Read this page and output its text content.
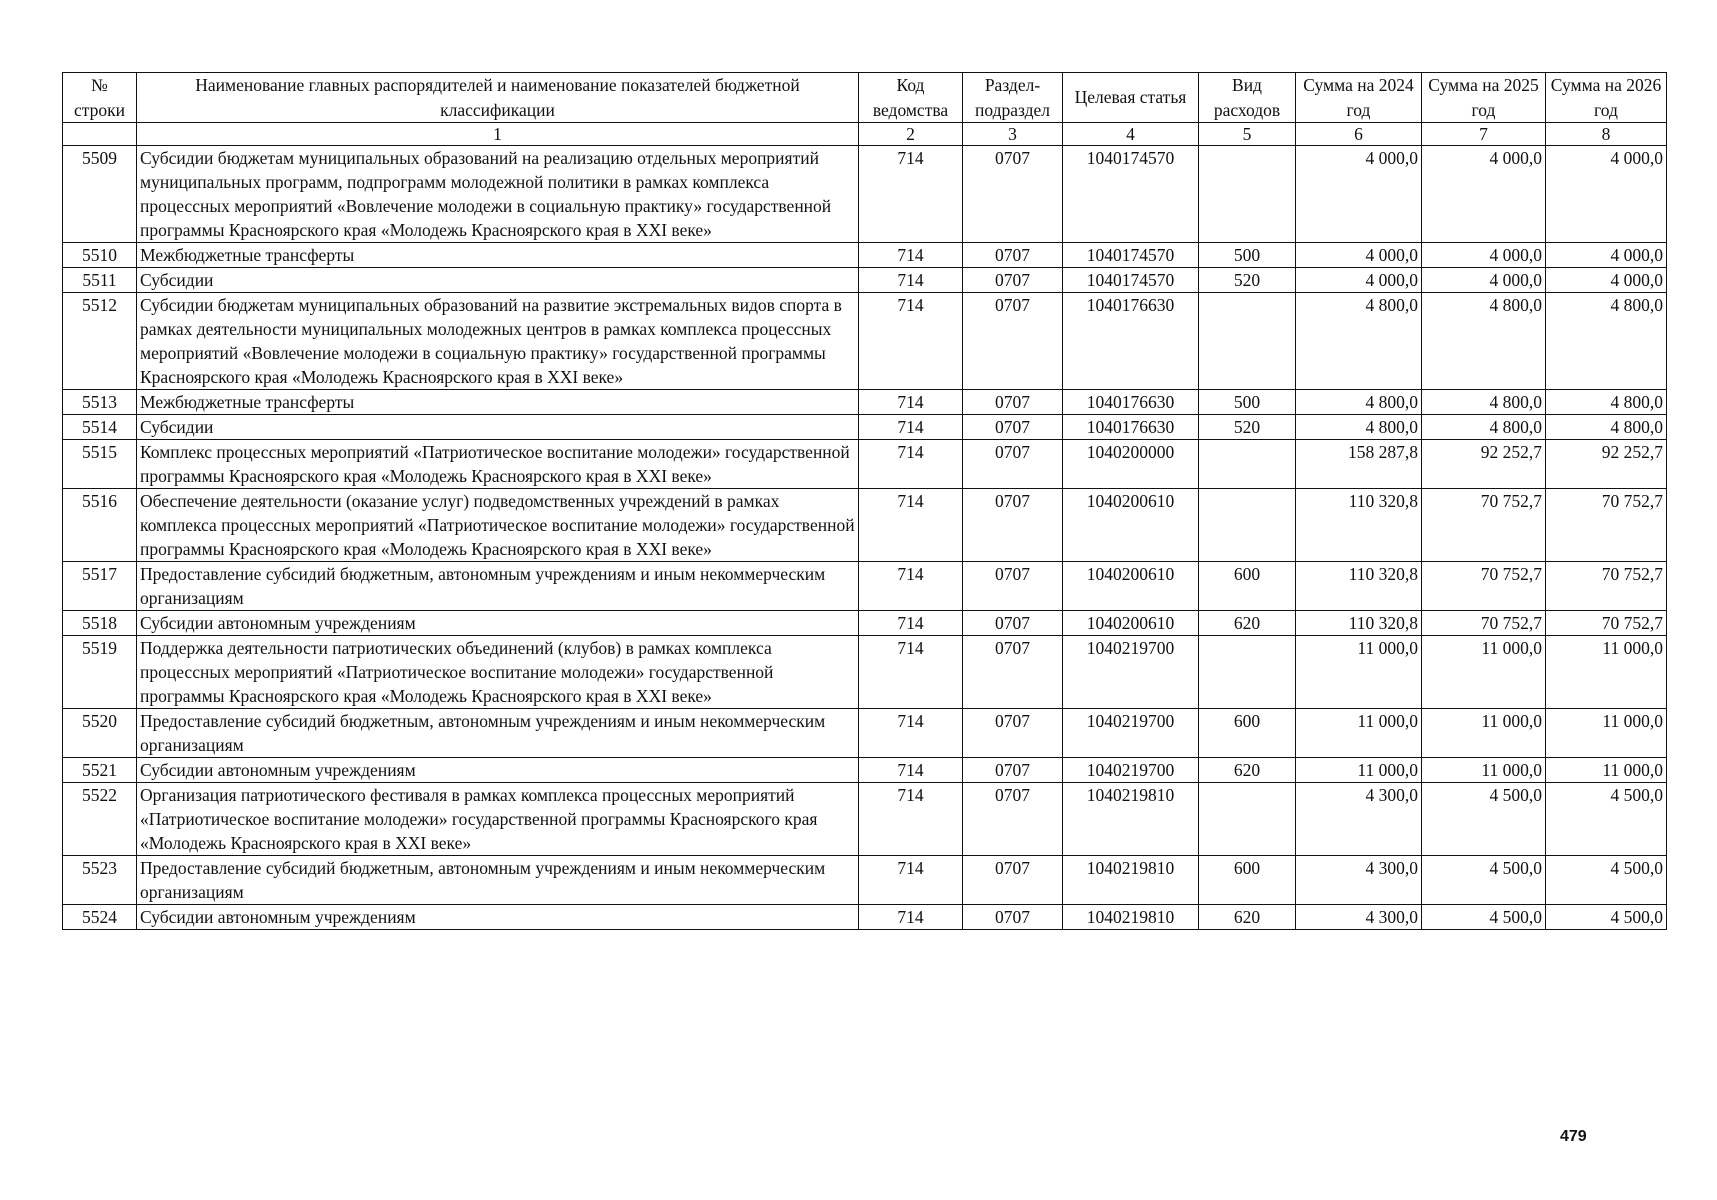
№ строки	Наименование главных распорядителей и наименование показателей бюджетной классификации	Код ведомства	Раздел-подраздел	Целевая статья	Вид расходов	Сумма на 2024 год	Сумма на 2025 год	Сумма на 2026 год
	1	2	3	4	5	6	7	8
5509	Субсидии бюджетам муниципальных образований на реализацию отдельных мероприятий муниципальных программ, подпрограмм молодежной политики в рамках комплекса процессных мероприятий «Вовлечение молодежи в социальную практику» государственной программы Красноярского края «Молодежь Красноярского края в XXI веке»	714	0707	1040174570		4 000,0	4 000,0	4 000,0
5510	Межбюджетные трансферты	714	0707	1040174570	500	4 000,0	4 000,0	4 000,0
5511	Субсидии	714	0707	1040174570	520	4 000,0	4 000,0	4 000,0
5512	Субсидии бюджетам муниципальных образований на развитие экстремальных видов спорта в рамках деятельности муниципальных молодежных центров в рамках комплекса процессных мероприятий «Вовлечение молодежи в социальную практику» государственной программы Красноярского края «Молодежь Красноярского края в XXI веке»	714	0707	1040176630		4 800,0	4 800,0	4 800,0
5513	Межбюджетные трансферты	714	0707	1040176630	500	4 800,0	4 800,0	4 800,0
5514	Субсидии	714	0707	1040176630	520	4 800,0	4 800,0	4 800,0
5515	Комплекс процессных мероприятий «Патриотическое воспитание молодежи» государственной программы Красноярского края «Молодежь Красноярского края в XXI веке»	714	0707	1040200000		158 287,8	92 252,7	92 252,7
5516	Обеспечение деятельности (оказание услуг) подведомственных учреждений в рамках комплекса процессных мероприятий «Патриотическое воспитание молодежи» государственной программы Красноярского края «Молодежь Красноярского края в XXI веке»	714	0707	1040200610		110 320,8	70 752,7	70 752,7
5517	Предоставление субсидий бюджетным, автономным учреждениям и иным некоммерческим организациям	714	0707	1040200610	600	110 320,8	70 752,7	70 752,7
5518	Субсидии автономным учреждениям	714	0707	1040200610	620	110 320,8	70 752,7	70 752,7
5519	Поддержка деятельности патриотических объединений (клубов) в рамках комплекса процессных мероприятий «Патриотическое воспитание молодежи» государственной программы Красноярского края «Молодежь Красноярского края в XXI веке»	714	0707	1040219700		11 000,0	11 000,0	11 000,0
5520	Предоставление субсидий бюджетным, автономным учреждениям и иным некоммерческим организациям	714	0707	1040219700	600	11 000,0	11 000,0	11 000,0
5521	Субсидии автономным учреждениям	714	0707	1040219700	620	11 000,0	11 000,0	11 000,0
5522	Организация патриотического фестиваля в рамках комплекса процессных мероприятий «Патриотическое воспитание молодежи» государственной программы Красноярского края «Молодежь Красноярского края в XXI веке»	714	0707	1040219810		4 300,0	4 500,0	4 500,0
5523	Предоставление субсидий бюджетным, автономным учреждениям и иным некоммерческим организациям	714	0707	1040219810	600	4 300,0	4 500,0	4 500,0
5524	Субсидии автономным учреждениям	714	0707	1040219810	620	4 300,0	4 500,0	4 500,0
479
